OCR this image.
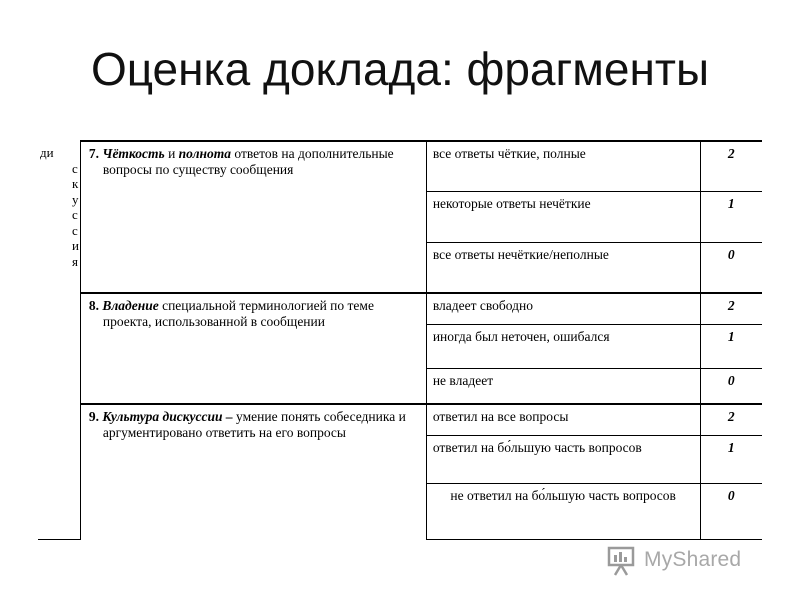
Оценка доклада: фрагменты
ди
скуссия	7. Чёткость и полнота ответов на дополнительные вопросы по существу сообщения	все ответы чёткие, полные	2
		некоторые ответы нечёткие	1
		все ответы нечёткие/неполные	0

	8. Владение специальной терминологией по теме проекта, использованной в сообщении	владеет свободно	2
		иногда был неточен, ошибался	1
		не владеет	0

	9. Культура дискуссии – умение понять собеседника и аргументировано ответить на его вопросы	ответил на все вопросы	2
		ответил на бо́льшую часть вопросов	1
		не ответил на бо́льшую часть вопросов	0
MyShared
